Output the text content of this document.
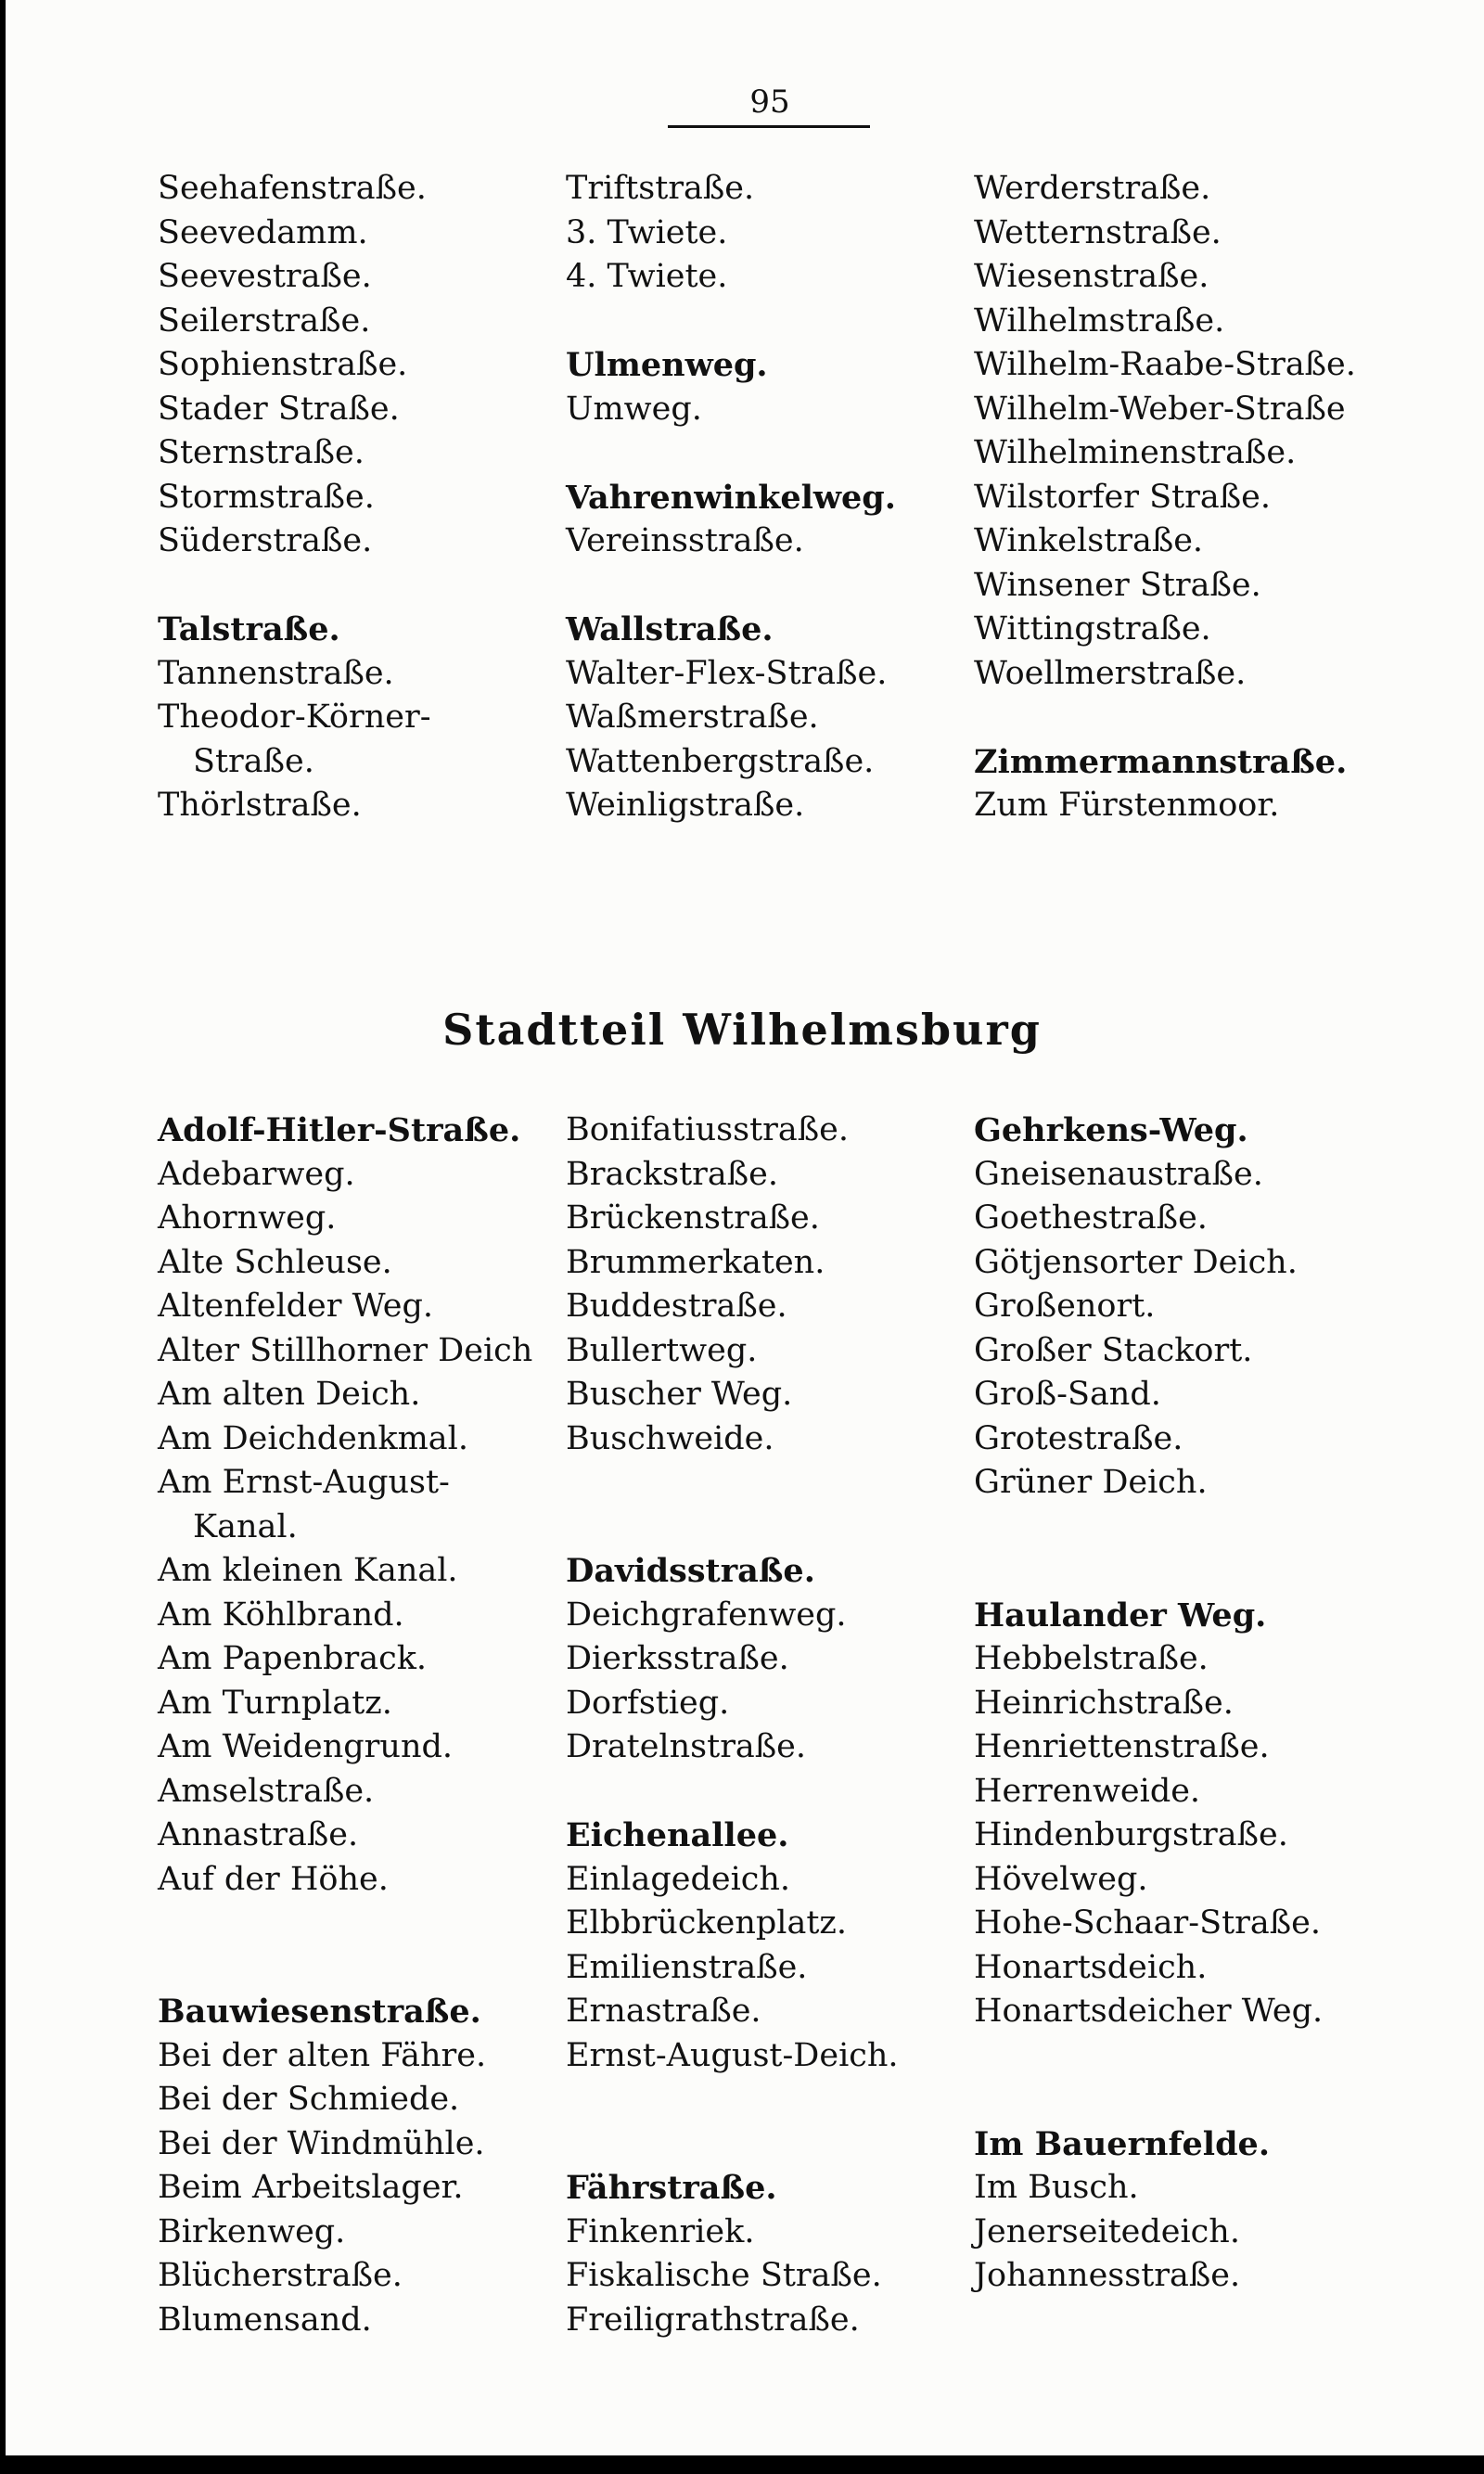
95
Seehafenstraße.
Seevedamm.
Seevestraße.
Seilerstraße.
Sophienstraße.
Stader Straße.
Sternstraße.
Stormstraße.
Süderstraße.
Talstraße.
Tannenstraße.
Theodor-Körner-
Straße.
Thörlstraße.
Triftstraße.
3. Twiete.
4. Twiete.
Ulmenweg.
Umweg.
Vahrenwinkelweg.
Vereinsstraße.
Wallstraße.
Walter-Flex-Straße.
Waßmerstraße.
Wattenbergstraße.
Weinligstraße.
Werderstraße.
Wetternstraße.
Wiesenstraße.
Wilhelmstraße.
Wilhelm-Raabe-Straße.
Wilhelm-Weber-Straße
Wilhelminenstraße.
Wilstorfer Straße.
Winkelstraße.
Winsener Straße.
Wittingstraße.
Woellmerstraße.
Zimmermannstraße.
Zum Fürstenmoor.
Stadtteil Wilhelmsburg
Adolf-Hitler-Straße.
Adebarweg.
Ahornweg.
Alte Schleuse.
Altenfelder Weg.
Alter Stillhorner Deich
Am alten Deich.
Am Deichdenkmal.
Am Ernst-August-
Kanal.
Am kleinen Kanal.
Am Köhlbrand.
Am Papenbrack.
Am Turnplatz.
Am Weidengrund.
Amselstraße.
Annastraße.
Auf der Höhe.
Bauwiesenstraße.
Bei der alten Fähre.
Bei der Schmiede.
Bei der Windmühle.
Beim Arbeitslager.
Birkenweg.
Blücherstraße.
Blumensand.
Bonifatiusstraße.
Brackstraße.
Brückenstraße.
Brummerkaten.
Buddestraße.
Bullertweg.
Buscher Weg.
Buschweide.
Davidsstraße.
Deichgrafenweg.
Dierksstraße.
Dorfstieg.
Dratelnstraße.
Eichenallee.
Einlagedeich.
Elbbrückenplatz.
Emilienstraße.
Ernastraße.
Ernst-August-Deich.
Fährstraße.
Finkenriek.
Fiskalische Straße.
Freiligrathstraße.
Gehrkens-Weg.
Gneisenaustraße.
Goethestraße.
Götjensorter Deich.
Großenort.
Großer Stackort.
Groß-Sand.
Grotestraße.
Grüner Deich.
Haulander Weg.
Hebbelstraße.
Heinrichstraße.
Henriettenstraße.
Herrenweide.
Hindenburgstraße.
Hövelweg.
Hohe-Schaar-Straße.
Honartsdeich.
Honartsdeicher Weg.
Im Bauernfelde.
Im Busch.
Jenerseitedeich.
Johannesstraße.
